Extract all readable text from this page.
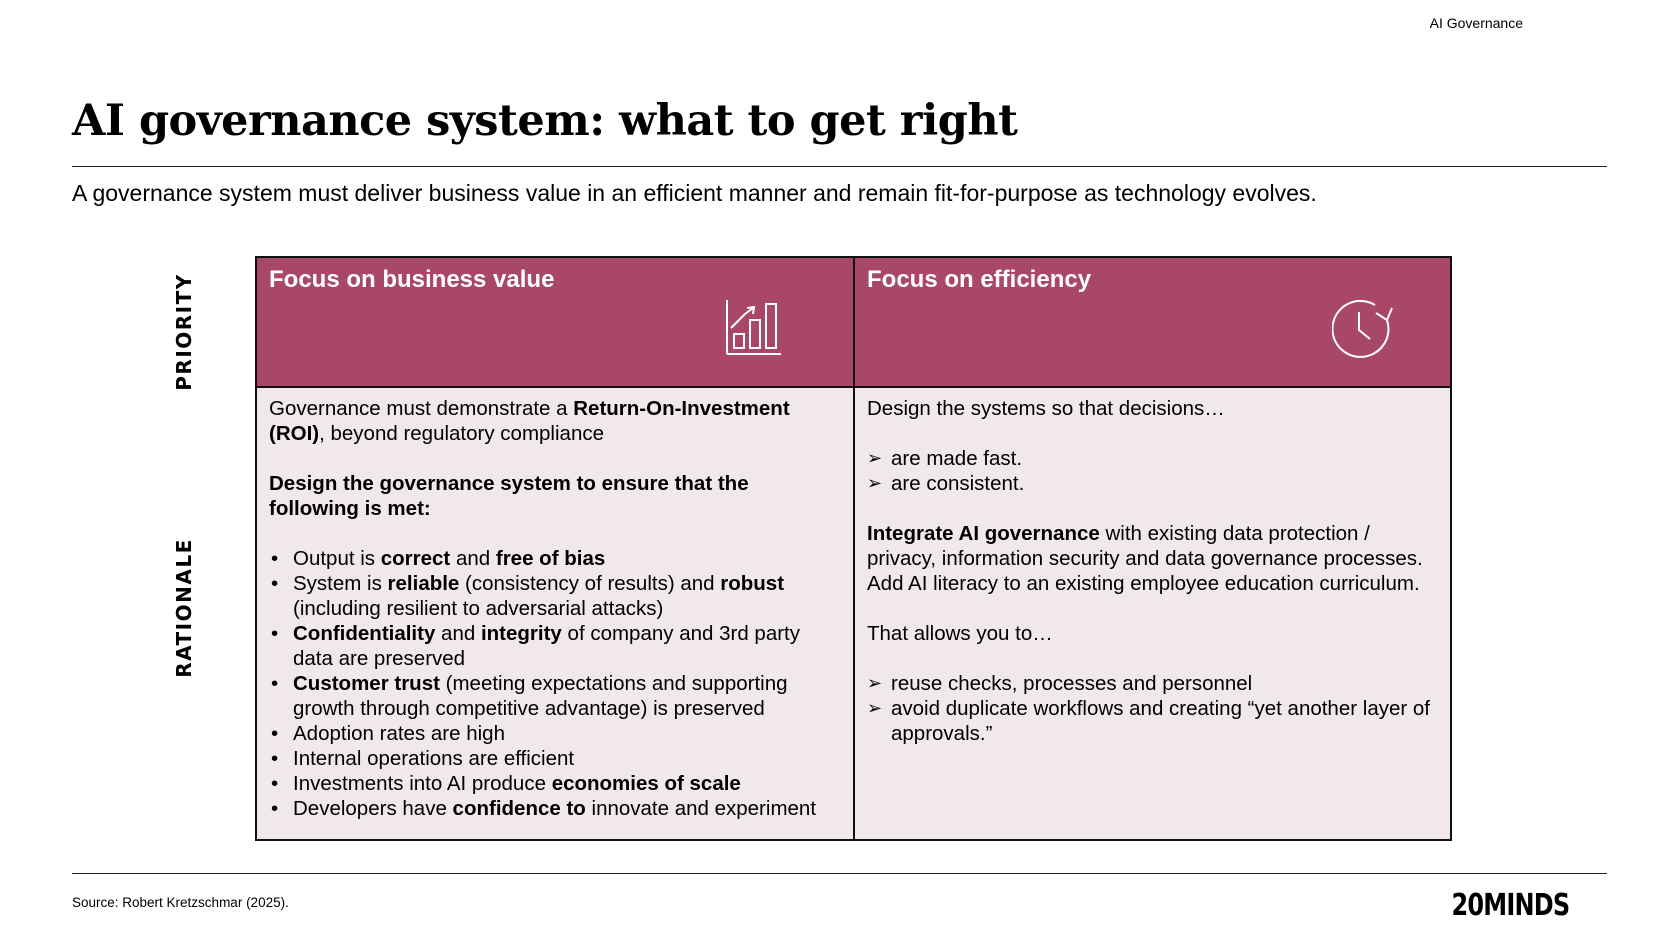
AI Governance
AI governance system: what to get right

A governance system must deliver business value in an efficient manner and remain fit-for-purpose as technology evolves.

PRIORITY
RATIONALE

Focus on business value	Focus on efficiency

Governance must demonstrate a Return-On-Investment (ROI), beyond regulatory compliance

Design the governance system to ensure that the following is met:

• Output is correct and free of bias
• System is reliable (consistency of results) and robust (including resilient to adversarial attacks)
• Confidentiality and integrity of company and 3rd party data are preserved
• Customer trust (meeting expectations and supporting growth through competitive advantage) is preserved
• Adoption rates are high
• Internal operations are efficient
• Investments into AI produce economies of scale
• Developers have confidence to innovate and experiment

Design the systems so that decisions…

➢ are made fast.
➢ are consistent.

Integrate AI governance with existing data protection / privacy, information security and data governance processes. Add AI literacy to an existing employee education curriculum.

That allows you to…

➢ reuse checks, processes and personnel
➢ avoid duplicate workflows and creating “yet another layer of approvals.”
Source: Robert Kretzschmar (2025).	20MINDS
